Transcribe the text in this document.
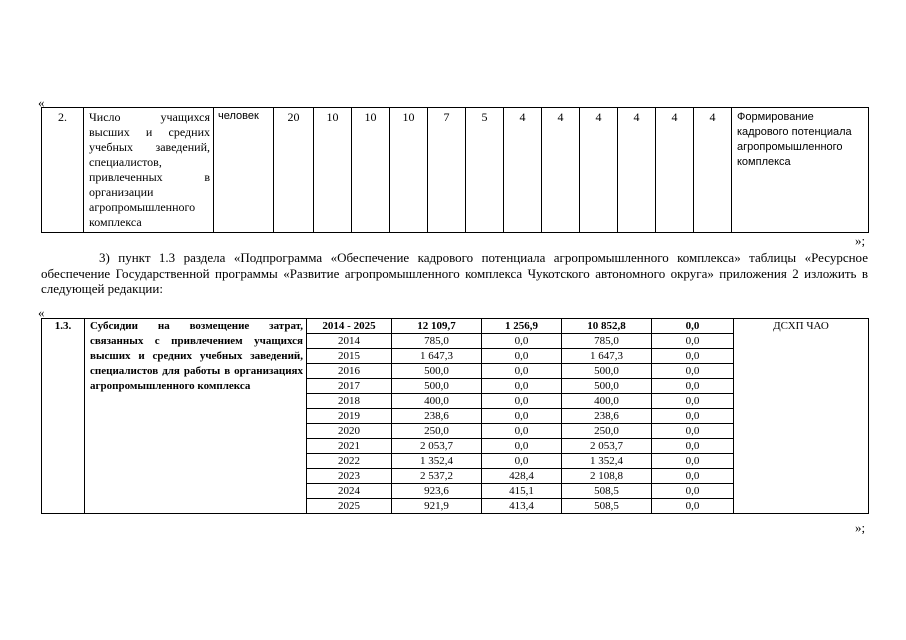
«
2.	Число учащихся высших и средних учебных заведений, специалистов, привлеченных в организации агропромышленного комплекса	человек	20	10	10	10	7	5	4	4	4	4	4	4	Формирование кадрового потенциала агропромышленного комплекса
»;
3) пункт 1.3 раздела «Подпрограмма «Обеспечение кадрового потенциала агропромышленного комплекса» таблицы «Ресурсное обеспечение Государственной программы «Развитие агропромышленного комплекса Чукотского автономного округа» приложения 2 изложить в следующей редакции:
«
1.3.	Субсидии на возмещение затрат, связанных с привлечением учащихся высших и средних учебных заведений, специалистов для работы в организациях агропромышленного комплекса	2014 - 2025	12 109,7	1 256,9	10 852,8	0,0	ДСХП ЧАО
		2014	785,0	0,0	785,0	0,0	
		2015	1 647,3	0,0	1 647,3	0,0	
		2016	500,0	0,0	500,0	0,0	
		2017	500,0	0,0	500,0	0,0	
		2018	400,0	0,0	400,0	0,0	
		2019	238,6	0,0	238,6	0,0	
		2020	250,0	0,0	250,0	0,0	
		2021	2 053,7	0,0	2 053,7	0,0	
		2022	1 352,4	0,0	1 352,4	0,0	
		2023	2 537,2	428,4	2 108,8	0,0	
		2024	923,6	415,1	508,5	0,0	
		2025	921,9	413,4	508,5	0,0	
»;
